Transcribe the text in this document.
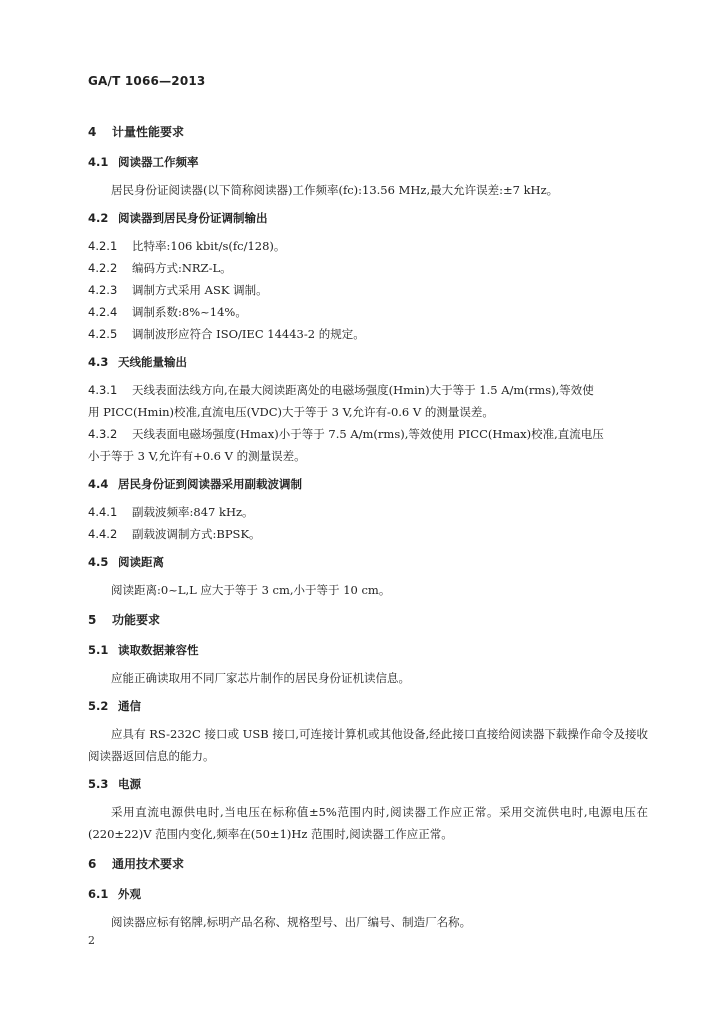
GA/T 1066—2013
4 计量性能要求
4.1 阅读器工作频率
居民身份证阅读器(以下简称阅读器)工作频率(fc):13.56 MHz,最大允许误差:±7 kHz。
4.2 阅读器到居民身份证调制输出
4.2.1 比特率:106 kbit/s(fc/128)。
4.2.2 编码方式:NRZ-L。
4.2.3 调制方式采用 ASK 调制。
4.2.4 调制系数:8%~14%。
4.2.5 调制波形应符合 ISO/IEC 14443-2 的规定。
4.3 天线能量输出
4.3.1 天线表面法线方向,在最大阅读距离处的电磁场强度(Hmin)大于等于 1.5 A/m(rms),等效使
用 PICC(Hmin)校准,直流电压(VDC)大于等于 3 V,允许有-0.6 V 的测量误差。
4.3.2 天线表面电磁场强度(Hmax)小于等于 7.5 A/m(rms),等效使用 PICC(Hmax)校准,直流电压
小于等于 3 V,允许有+0.6 V 的测量误差。
4.4 居民身份证到阅读器采用副载波调制
4.4.1 副载波频率:847 kHz。
4.4.2 副载波调制方式:BPSK。
4.5 阅读距离
阅读距离:0~L,L 应大于等于 3 cm,小于等于 10 cm。
5 功能要求
5.1 读取数据兼容性
应能正确读取用不同厂家芯片制作的居民身份证机读信息。
5.2 通信
应具有 RS-232C 接口或 USB 接口,可连接计算机或其他设备,经此接口直接给阅读器下载操作命令及接收阅读器返回信息的能力。
5.3 电源
采用直流电源供电时,当电压在标称值±5%范围内时,阅读器工作应正常。采用交流供电时,电源电压在(220±22)V 范围内变化,频率在(50±1)Hz 范围时,阅读器工作应正常。
6 通用技术要求
6.1 外观
阅读器应标有铭牌,标明产品名称、规格型号、出厂编号、制造厂名称。
2
